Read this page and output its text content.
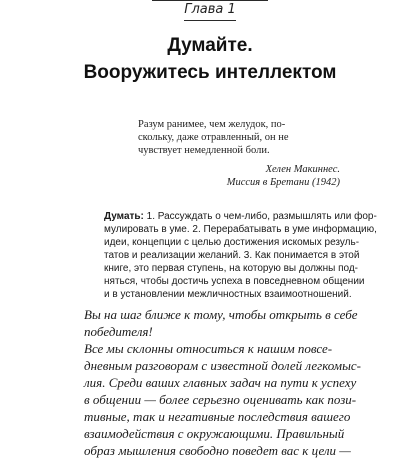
Глава 1
Думайте.
Вооружитесь интеллектом
Разум ранимее, чем желудок, по-
скольку, даже отравленный, он не
чувствует немедленной боли.
Хелен Макиннес.
Миссия в Бретани (1942)
Думать: 1. Рассуждать о чем-либо, размышлять или фор-
мулировать в уме. 2. Перерабатывать в уме информацию,
идеи, концепции с целью достижения искомых резуль-
татов и реализации желаний. 3. Как понимается в этой
книге, это первая ступень, на которую вы должны под-
няться, чтобы достичь успеха в повседневном общении
и в установлении межличностных взаимоотношений.
Вы на шаг ближе к тому, чтобы открыть в себе
победителя!
Все мы склонны относиться к нашим повсе-
дневным разговорам с известной долей легкомыс-
лия. Среди ваших главных задач на пути к успеху
в общении — более серьезно оценивать как пози-
тивные, так и негативные последствия вашего
взаимодействия с окружающими. Правильный
образ мышления свободно поведет вас к цели —
